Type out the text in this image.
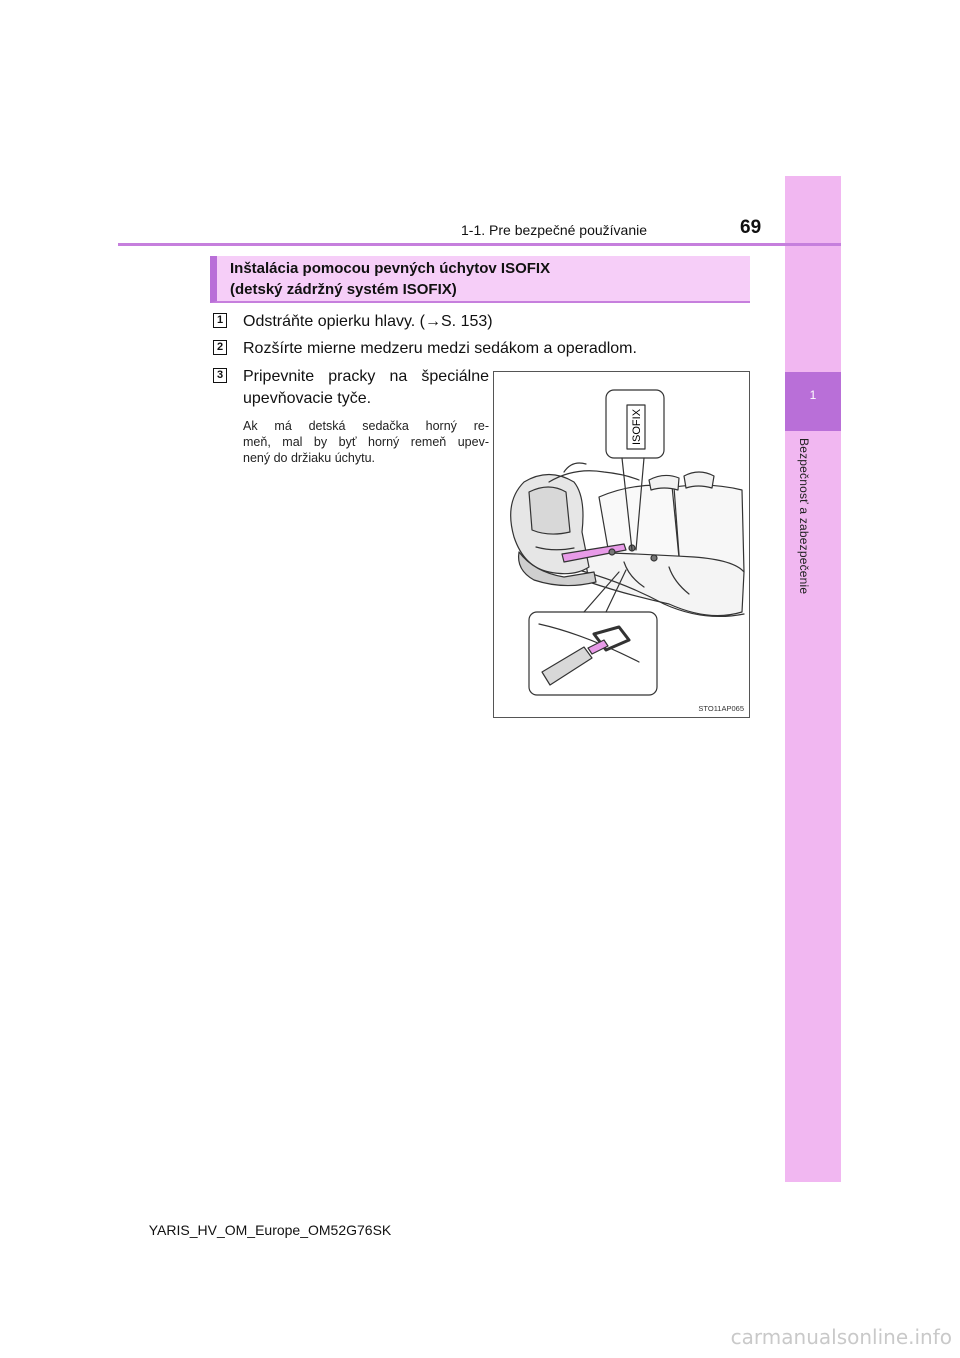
1
Bezpečnosť a zabezpečenie
1-1. Pre bezpečné používanie	69
Inštalácia pomocou pevných úchytov ISOFIX
(detský zádržný systém ISOFIX)
1 Odstráňte opierku hlavy. (→S. 153)
2 Rozšírte mierne medzeru medzi sedákom a operadlom.
3 Pripevnite pracky na špeciálne
upevňovacie tyče.
Ak má detská sedačka horný re-
meň, mal by byť horný remeň upev-
nený do držiaku úchytu.
ISOFIX
STO11AP065
YARIS_HV_OM_Europe_OM52G76SK
carmanualsonline.info
